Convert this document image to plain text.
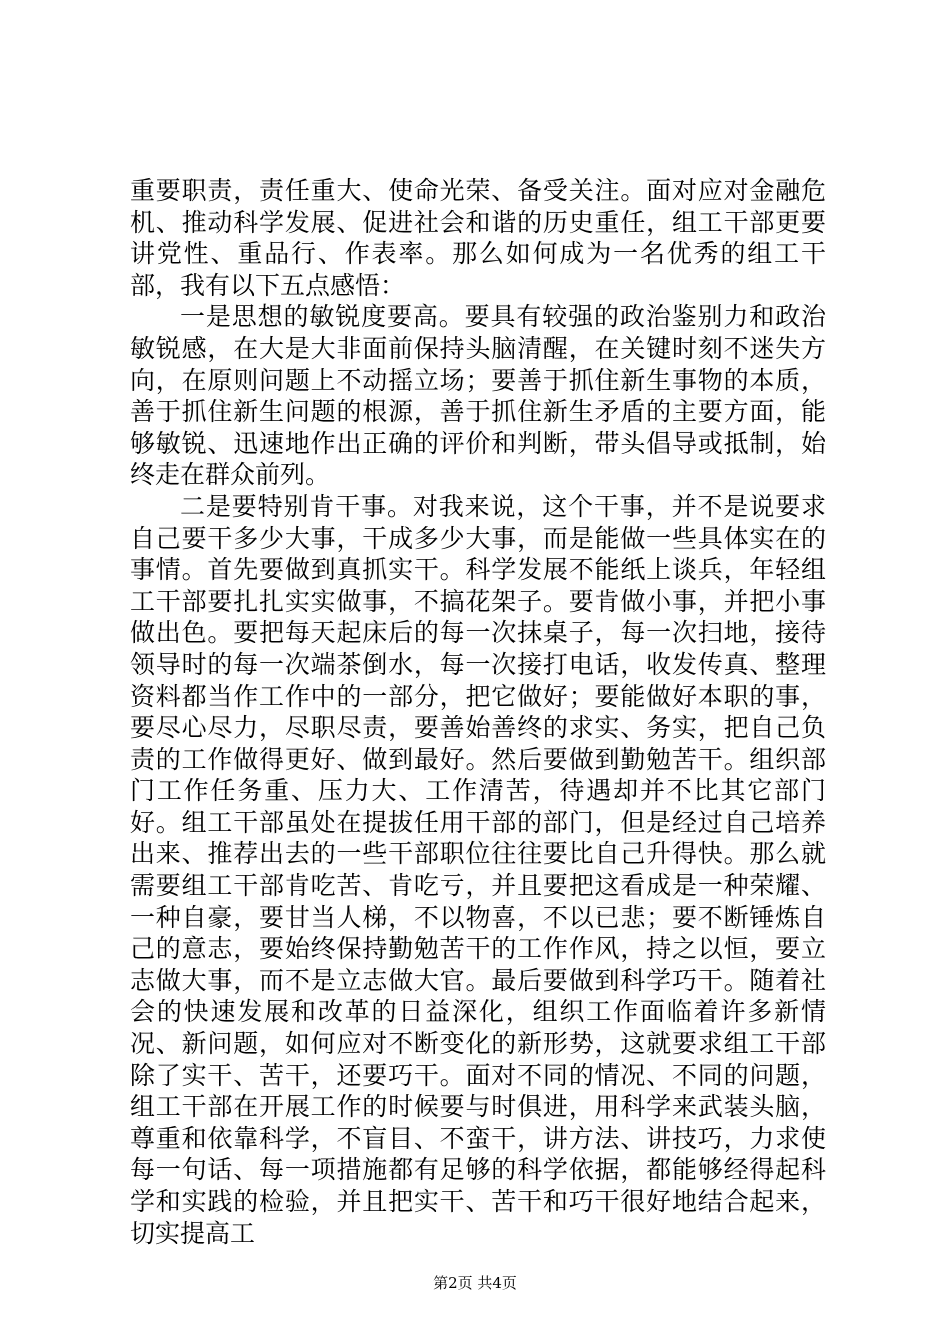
重要职责，责任重大、使命光荣、备受关注。面对应对金融危机、推动科学发展、促进社会和谐的历史重任，组工干部更要讲党性、重品行、作表率。那么如何成为一名优秀的组工干部，我有以下五点感悟：

一是思想的敏锐度要高。要具有较强的政治鉴别力和政治敏锐感，在大是大非面前保持头脑清醒，在关键时刻不迷失方向，在原则问题上不动摇立场；要善于抓住新生事物的本质，善于抓住新生问题的根源，善于抓住新生矛盾的主要方面，能够敏锐、迅速地作出正确的评价和判断，带头倡导或抵制，始终走在群众前列。

二是要特别肯干事。对我来说，这个干事，并不是说要求自己要干多少大事，干成多少大事，而是能做一些具体实在的事情。首先要做到真抓实干。科学发展不能纸上谈兵，年轻组工干部要扎扎实实做事，不搞花架子。要肯做小事，并把小事做出色。要把每天起床后的每一次抹桌子，每一次扫地，接待领导时的每一次端茶倒水，每一次接打电话，收发传真、整理资料都当作工作中的一部分，把它做好；要能做好本职的事，要尽心尽力，尽职尽责，要善始善终的求实、务实，把自己负责的工作做得更好、做到最好。然后要做到勤勉苦干。组织部门工作任务重、压力大、工作清苦，待遇却并不比其它部门好。组工干部虽处在提拔任用干部的部门，但是经过自己培养出来、推荐出去的一些干部职位往往要比自己升得快。那么就需要组工干部肯吃苦、肯吃亏，并且要把这看成是一种荣耀、一种自豪，要甘当人梯，不以物喜，不以已悲；要不断锤炼自己的意志，要始终保持勤勉苦干的工作作风，持之以恒，要立志做大事，而不是立志做大官。最后要做到科学巧干。随着社会的快速发展和改革的日益深化，组织工作面临着许多新情况、新问题，如何应对不断变化的新形势，这就要求组工干部除了实干、苦干，还要巧干。面对不同的情况、不同的问题，组工干部在开展工作的时候要与时俱进，用科学来武装头脑，尊重和依靠科学，不盲目、不蛮干，讲方法、讲技巧，力求使每一句话、每一项措施都有足够的科学依据，都能够经得起科学和实践的检验，并且把实干、苦干和巧干很好地结合起来，切实提高工

第2页 共4页
